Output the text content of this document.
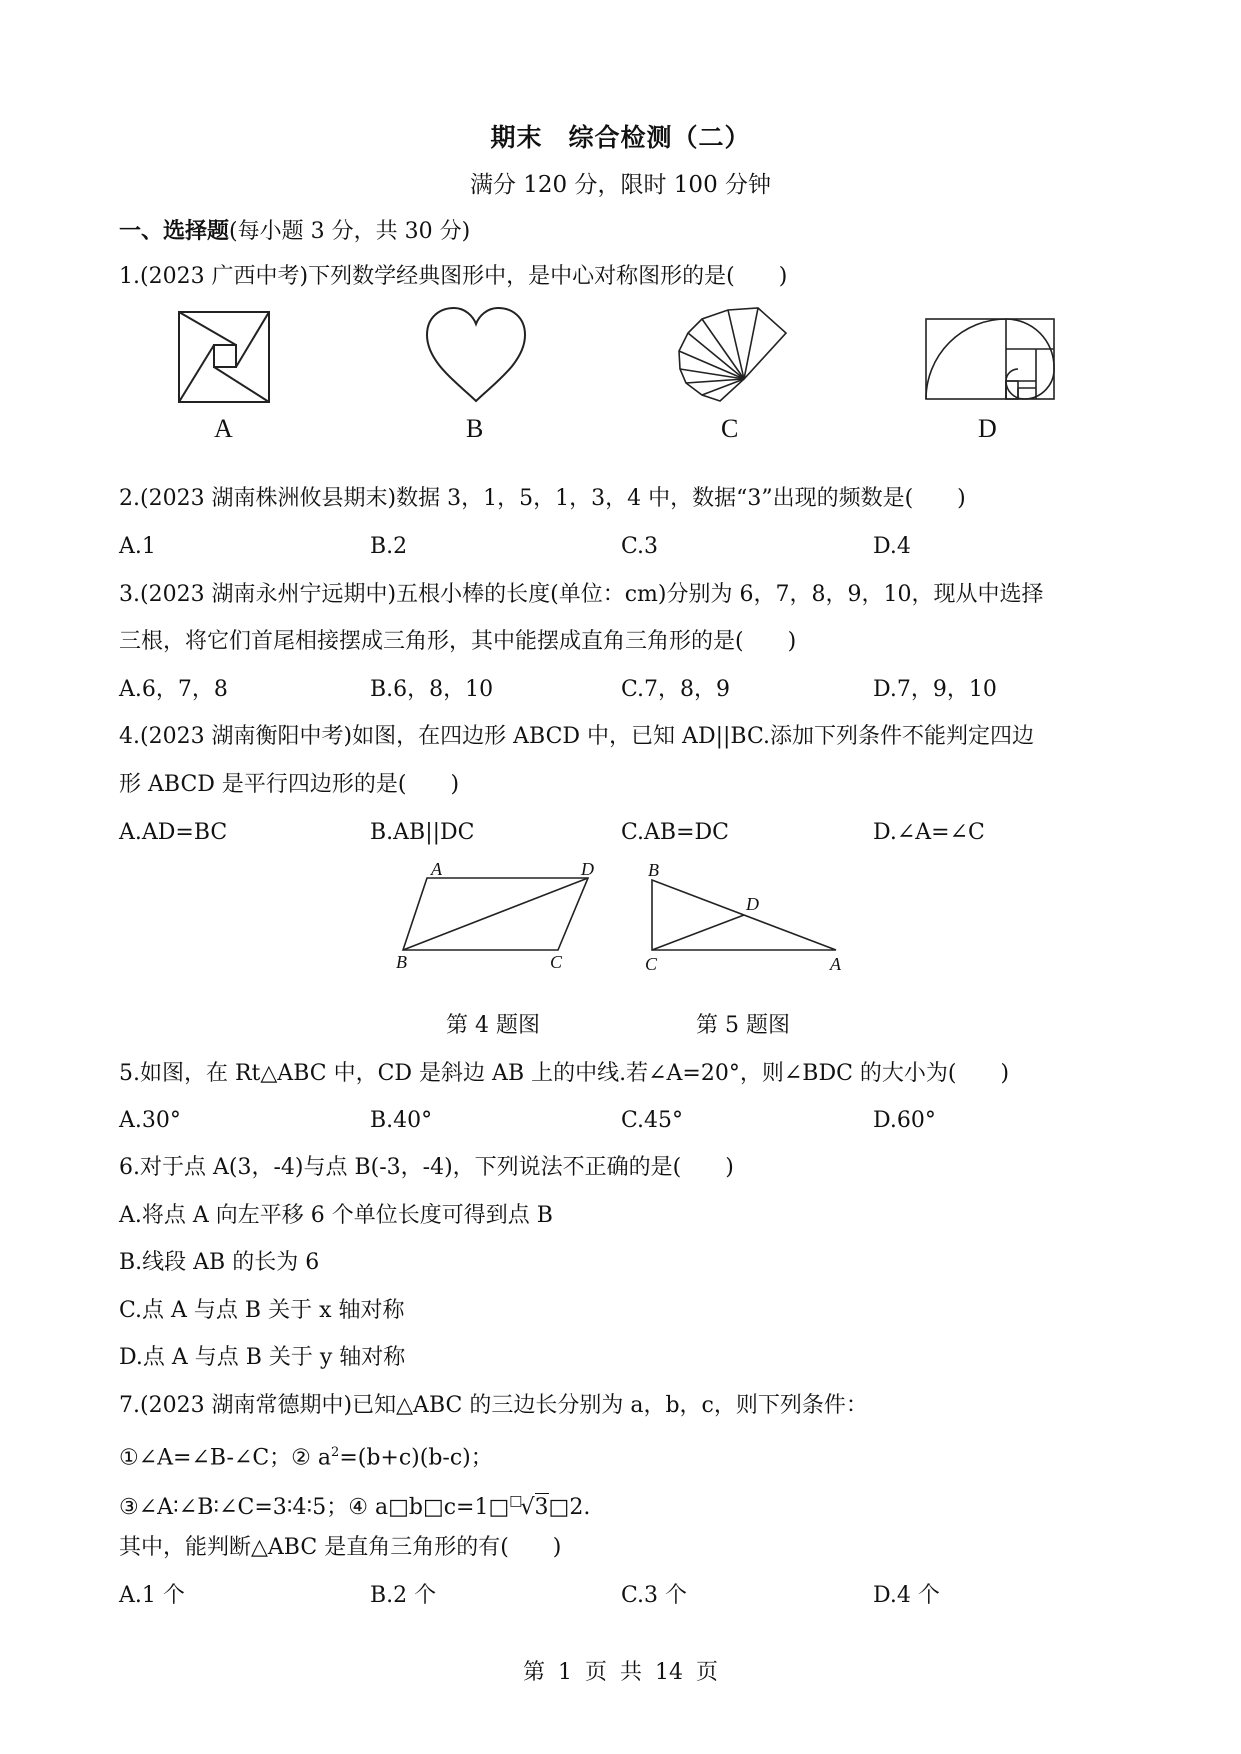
期末　综合检测（二）
满分 120 分，限时 100 分钟
一、选择题(每小题 3 分，共 30 分)
1.(2023 广西中考)下列数学经典图形中，是中心对称图形的是(　　)
A	B	C	D
2.(2023 湖南株洲攸县期末)数据 3，1，5，1，3，4 中，数据“3”出现的频数是(　　)
A.1	B.2	C.3	D.4
3.(2023 湖南永州宁远期中)五根小棒的长度(单位：cm)分别为 6，7，8，9，10，现从中选择
三根，将它们首尾相接摆成三角形，其中能摆成直角三角形的是(　　)
A.6，7，8	B.6，8，10	C.7，8，9	D.7，9，10
4.(2023 湖南衡阳中考)如图，在四边形 ABCD 中，已知 AD||BC.添加下列条件不能判定四边
形 ABCD 是平行四边形的是(　　)
A.AD=BC	B.AB||DC	C.AB=DC	D.∠A=∠C
A	D
B	C
B
D
C	A
第 4 题图	第 5 题图
5.如图，在 Rt△ABC 中，CD 是斜边 AB 上的中线.若∠A=20°，则∠BDC 的大小为(　　)
A.30°	B.40°	C.45°	D.60°
6.对于点 A(3，-4)与点 B(-3，-4)，下列说法不正确的是(　　)
A.将点 A 向左平移 6 个单位长度可得到点 B
B.线段 AB 的长为 6
C.点 A 与点 B 关于 x 轴对称
D.点 A 与点 B 关于 y 轴对称
7.(2023 湖南常德期中)已知△ABC 的三边长分别为 a，b，c，则下列条件：
①∠A=∠B-∠C；② $a^2=(b+c)(b-c)$；
③∠A∶∠B∶∠C=3∶4∶5；④ a□b□c=1□□√3□2.
其中，能判断△ABC 是直角三角形的有(　　)
A.1 个	B.2 个	C.3 个	D.4 个
第 1 页 共 14 页
